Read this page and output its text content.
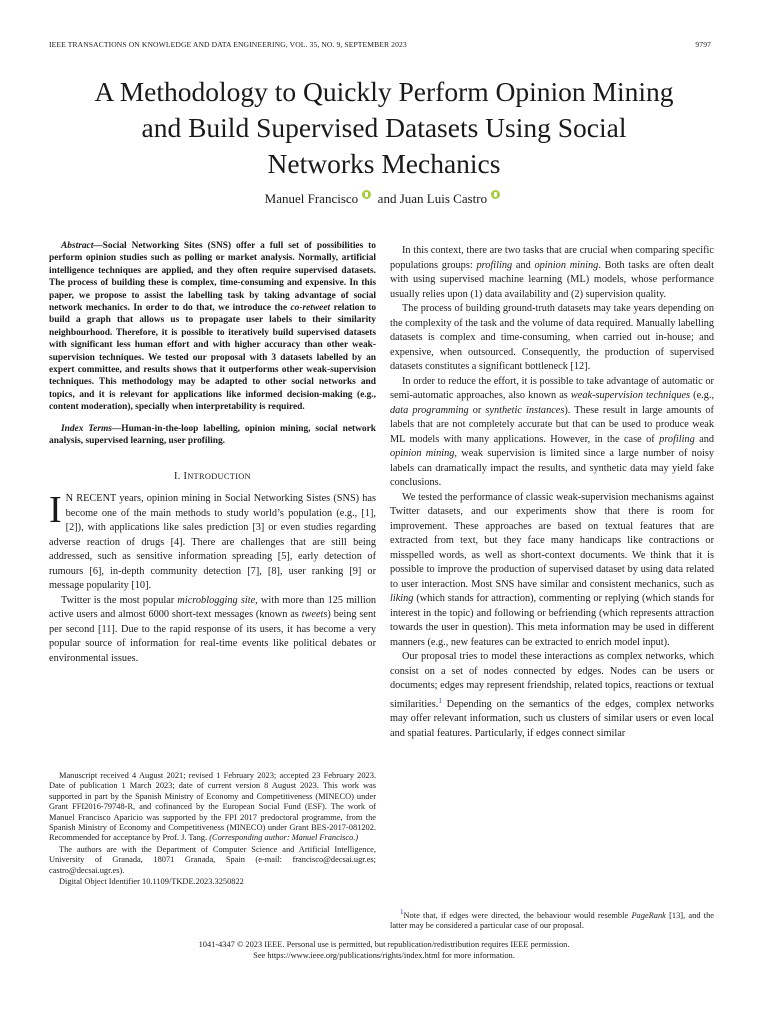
IEEE TRANSACTIONS ON KNOWLEDGE AND DATA ENGINEERING, VOL. 35, NO. 9, SEPTEMBER 2023	9797
A Methodology to Quickly Perform Opinion Mining
and Build Supervised Datasets Using Social
Networks Mechanics
Manuel Francisco and Juan Luis Castro

Abstract—Social Networking Sites (SNS) offer a full set of possibilities to perform opinion studies such as polling or market analysis. Normally, artificial intelligence techniques are applied, and they often require supervised datasets. The process of building these is complex, time-consuming and expensive. In this paper, we propose to assist the labelling task by taking advantage of social network mechanics. In order to do that, we introduce the co-retweet relation to build a graph that allows us to propagate user labels to their similarity neighbourhood. Therefore, it is possible to iteratively build supervised datasets with significant less human effort and with higher accuracy than other weak-supervision techniques. We tested our proposal with 3 datasets labelled by an expert committee, and results shows that it outperforms other weak-supervision techniques. This methodology may be adapted to other social networks and topics, and it is relevant for applications like informed decision-making (e.g., content moderation), specially when interpretability is required.

Index Terms—Human-in-the-loop labelling, opinion mining, social network analysis, supervised learning, user profiling.

I. INTRODUCTION

I N RECENT years, opinion mining in Social Networking Sistes (SNS) has become one of the main methods to study world’s population (e.g., [1], [2]), with applications like sales prediction [3] or even studies regarding adverse reaction of drugs [4]. There are challenges that are still being addressed, such as sensitive information spreading [5], early detection of rumours [6], in-depth community detection [7], [8], user ranking [9] or message popularity [10].

Twitter is the most popular microblogging site, with more than 125 million active users and almost 6000 short-text messages (known as tweets) being sent per second [11]. Due to the rapid response of its users, it has become a very popular source of information for real-time events like political debates or environmental issues.

Manuscript received 4 August 2021; revised 1 February 2023; accepted 23 February 2023. Date of publication 1 March 2023; date of current version 8 August 2023. This work was supported in part by the Spanish Ministry of Economy and Competitiveness (MINECO) under Grant FFI2016-79748-R, and cofinanced by the European Social Fund (ESF). The work of Manuel Francisco Aparicio was supported by the FPI 2017 predoctoral programme, from the Spanish Ministry of Economy and Competitiveness (MINECO) under Grant BES-2017-081202. Recommended for acceptance by Prof. J. Tang. (Corresponding author: Manuel Francisco.)

The authors are with the Department of Computer Science and Artificial Intelligence, University of Granada, 18071 Granada, Spain (e-mail: francisco@decsai.ugr.es; castro@decsai.ugr.es).

Digital Object Identifier 10.1109/TKDE.2023.3250822

In this context, there are two tasks that are crucial when comparing specific populations groups: profiling and opinion mining. Both tasks are often dealt with using supervised machine learning (ML) models, whose performance usually relies upon (1) data availability and (2) supervision quality.

The process of building ground-truth datasets may take years depending on the complexity of the task and the volume of data required. Manually labelling datasets is complex and time-consuming, when carried out in-house; and expensive, when outsourced. Consequently, the production of supervised datasets constitutes a significant bottleneck [12].

In order to reduce the effort, it is possible to take advantage of automatic or semi-automatic approaches, also known as weak-supervision techniques (e.g., data programming or synthetic instances). These result in large amounts of labels that are not completely accurate but that can be used to produce weak ML models with many applications. However, in the case of profiling and opinion mining, weak supervision is limited since a large number of noisy labels can dramatically impact the results, and synthetic data may yield fake conclusions.

We tested the performance of classic weak-supervision mechanisms against Twitter datasets, and our experiments show that there is room for improvement. These approaches are based on textual features that are extracted from text, but they face many handicaps like contractions or misspelled words, as well as short-context documents. We think that it is possible to improve the production of supervised dataset by using data related to user interaction. Most SNS have similar and consistent mechanics, such as liking (which stands for attraction), commenting or replying (which stands for interest in the topic) and following or befriending (which represents attraction towards the user in question). This meta information may be used in different manners (e.g., new features can be extracted to enrich model input).

Our proposal tries to model these interactions as complex networks, which consist on a set of nodes connected by edges. Nodes can be users or documents; edges may represent friendship, related topics, reactions or textual similarities.$^1$ Depending on the semantics of the edges, complex networks may offer relevant information, such us clusters of similar users or even local and spatial features. Particularly, if edges connect similar

$^1$Note that, if edges were directed, the behaviour would resemble PageRank [13], and the latter may be considered a particular case of our proposal.
1041-4347 © 2023 IEEE. Personal use is permitted, but republication/redistribution requires IEEE permission.
See https://www.ieee.org/publications/rights/index.html for more information.
